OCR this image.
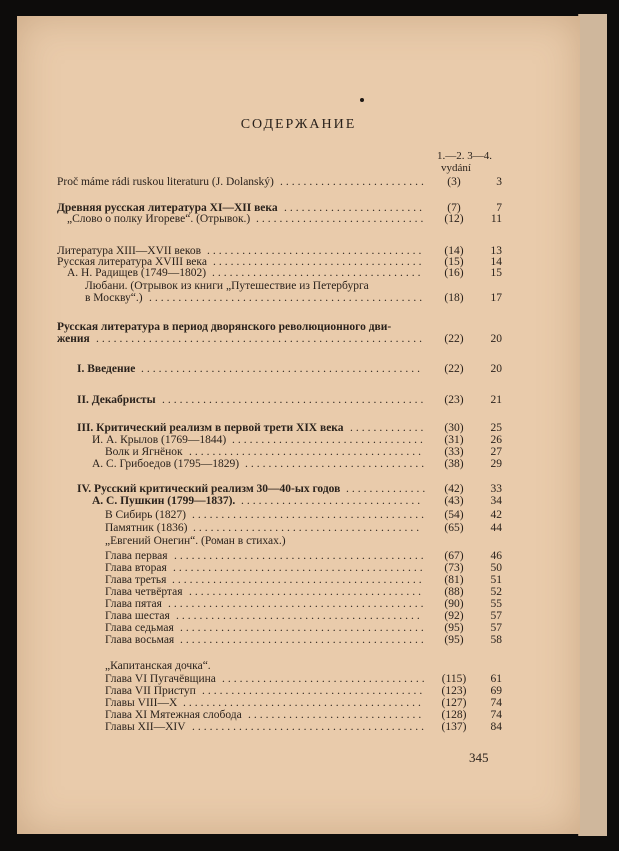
СОДЕРЖАНИЕ
1.—2. 3—4.
vydání
Proč máme rádi ruskou literaturu (J. Dolanský) .........................	(3)	3
Древняя русская литература XI—XII века ........................	(7)	7
„Слово о полку Игореве“. (Отрывок.) .............................	(12)	11
Литература XIII—XVII веков .....................................	(14)	13
Русская литература XVIII века ....................................	(15)	14
А. Н. Радищев (1749—1802) ....................................	(16)	15
Любани. (Отрывок из книги „Путешествие из Петербурга
в Москву“.) ...............................................	(18)	17
Русская литература в период дворянского революционного дви-
жения ........................................................	(22)	20
I. Введение ................................................	(22)	20
II. Декабристы .............................................	(23)	21
III. Критический реализм в первой трети XIX века .............	(30)	25
И. А. Крылов (1769—1844) .................................	(31)	26
Волк и Ягнёнок ........................................	(33)	27
А. С. Грибоедов (1795—1829) ...............................	(38)	29
IV. Русский критический реализм 30—40-ых годов ..............	(42)	33
А. С. Пушкин (1799—1837). ...............................	(43)	34
В Сибирь (1827) ........................................	(54)	42
Памятник (1836) .......................................	(65)	44
„Евгений Онегин“. (Роман в стихах.)
Глава первая ...........................................	(67)	46
Глава вторая ...........................................	(73)	50
Глава третья ...........................................	(81)	51
Глава четвёртая ........................................	(88)	52
Глава пятая ............................................	(90)	55
Глава шестая ..........................................	(92)	57
Глава седьмая ..........................................	(95)	57
Глава восьмая ..........................................	(95)	58
„Капитанская дочка“.
Глава VI Пугачёвщина ...................................	(115)	61
Глава VII Приступ ......................................	(123)	69
Главы VIII—X .........................................	(127)	74
Глава XI Мятежная слобода ..............................	(128)	74
Главы XII—XIV ........................................	(137)	84
345
